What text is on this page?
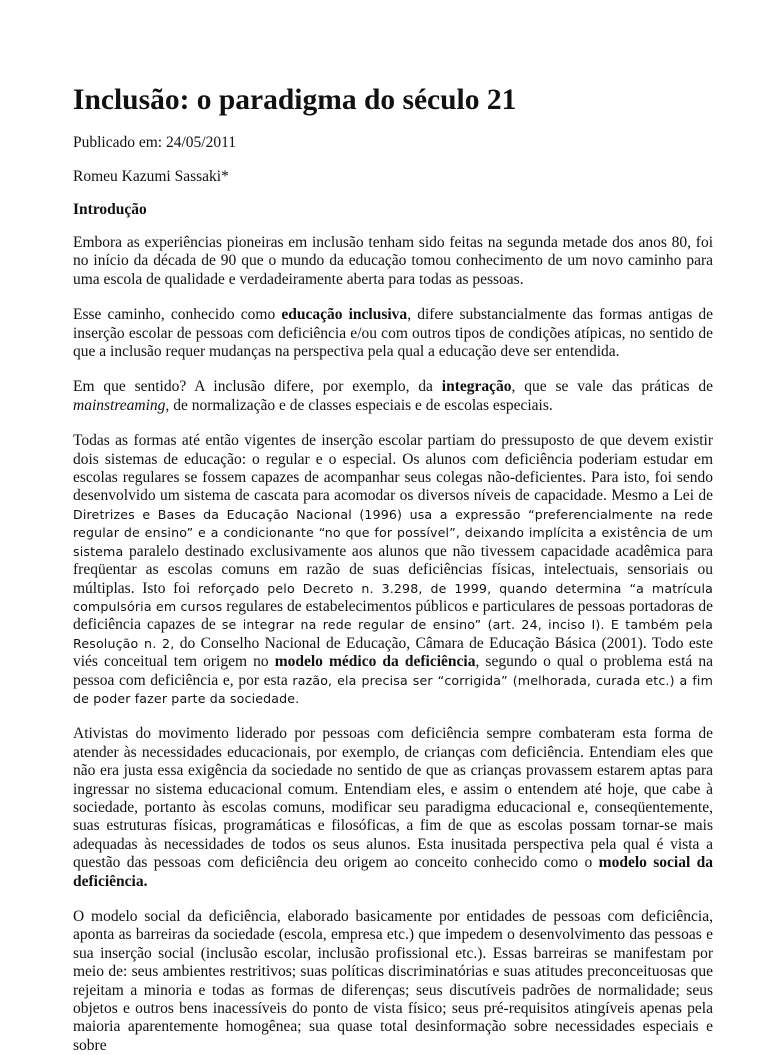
Inclusão: o paradigma do século 21

Publicado em: 24/05/2011

Romeu Kazumi Sassaki*

Introdução

Embora as experiências pioneiras em inclusão tenham sido feitas na segunda metade dos anos 80, foi no início da década de 90 que o mundo da educação tomou conhecimento de um novo caminho para uma escola de qualidade e verdadeiramente aberta para todas as pessoas.

Esse caminho, conhecido como educação inclusiva, difere substancialmente das formas antigas de inserção escolar de pessoas com deficiência e/ou com outros tipos de condições atípicas, no sentido de que a inclusão requer mudanças na perspectiva pela qual a educação deve ser entendida.

Em que sentido? A inclusão difere, por exemplo, da integração, que se vale das práticas de mainstreaming, de normalização e de classes especiais e de escolas especiais.

Todas as formas até então vigentes de inserção escolar partiam do pressuposto de que devem existir dois sistemas de educação: o regular e o especial. Os alunos com deficiência poderiam estudar em escolas regulares se fossem capazes de acompanhar seus colegas não-deficientes. Para isto, foi sendo desenvolvido um sistema de cascata para acomodar os diversos níveis de capacidade. Mesmo a Lei de Diretrizes e Bases da Educação Nacional (1996) usa a expressão “preferencialmente na rede regular de ensino” e a condicionante “no que for possível”, deixando implícita a existência de um sistema paralelo destinado exclusivamente aos alunos que não tivessem capacidade acadêmica para freqüentar as escolas comuns em razão de suas deficiências físicas, intelectuais, sensoriais ou múltiplas. Isto foi reforçado pelo Decreto n. 3.298, de 1999, quando determina “a matrícula compulsória em cursos regulares de estabelecimentos públicos e particulares de pessoas portadoras de deficiência capazes de se integrar na rede regular de ensino” (art. 24, inciso I). E também pela Resolução n. 2, do Conselho Nacional de Educação, Câmara de Educação Básica (2001). Todo este viés conceitual tem origem no modelo médico da deficiência, segundo o qual o problema está na pessoa com deficiência e, por esta razão, ela precisa ser “corrigida” (melhorada, curada etc.) a fim de poder fazer parte da sociedade.

Ativistas do movimento liderado por pessoas com deficiência sempre combateram esta forma de atender às necessidades educacionais, por exemplo, de crianças com deficiência. Entendiam eles que não era justa essa exigência da sociedade no sentido de que as crianças provassem estarem aptas para ingressar no sistema educacional comum. Entendiam eles, e assim o entendem até hoje, que cabe à sociedade, portanto às escolas comuns, modificar seu paradigma educacional e, conseqüentemente, suas estruturas físicas, programáticas e filosóficas, a fim de que as escolas possam tornar-se mais adequadas às necessidades de todos os seus alunos. Esta inusitada perspectiva pela qual é vista a questão das pessoas com deficiência deu origem ao conceito conhecido como o modelo social da deficiência.

O modelo social da deficiência, elaborado basicamente por entidades de pessoas com deficiência, aponta as barreiras da sociedade (escola, empresa etc.) que impedem o desenvolvimento das pessoas e sua inserção social (inclusão escolar, inclusão profissional etc.). Essas barreiras se manifestam por meio de: seus ambientes restritivos; suas políticas discriminatórias e suas atitudes preconceituosas que rejeitam a minoria e todas as formas de diferenças; seus discutíveis padrões de normalidade; seus objetos e outros bens inacessíveis do ponto de vista físico; seus pré-requisitos atingíveis apenas pela maioria aparentemente homogênea; sua quase total desinformação sobre necessidades especiais e sobre
